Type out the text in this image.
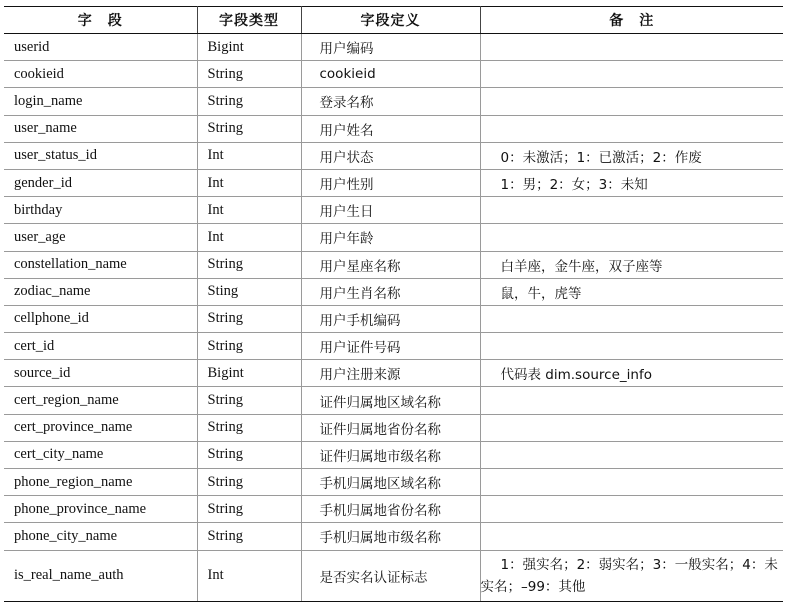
字　段	字段类型	字段定义	备　注
userid	Bigint	用户编码	
cookieid	String	cookieid	
login_name	String	登录名称	
user_name	String	用户姓名	
user_status_id	Int	用户状态	0：未激活；1：已激活；2：作废
gender_id	Int	用户性别	1：男；2：女；3：未知
birthday	Int	用户生日	
user_age	Int	用户年龄	
constellation_name	String	用户星座名称	白羊座，金牛座，双子座等
zodiac_name	Sting	用户生肖名称	鼠，牛，虎等
cellphone_id	String	用户手机编码	
cert_id	String	用户证件号码	
source_id	Bigint	用户注册来源	代码表 dim.source_info
cert_region_name	String	证件归属地区域名称	
cert_province_name	String	证件归属地省份名称	
cert_city_name	String	证件归属地市级名称	
phone_region_name	String	手机归属地区域名称	
phone_province_name	String	手机归属地省份名称	
phone_city_name	String	手机归属地市级名称	
is_real_name_auth	Int	是否实名认证标志	1：强实名；2：弱实名；3：一般实名；4：未实名；–99：其他
